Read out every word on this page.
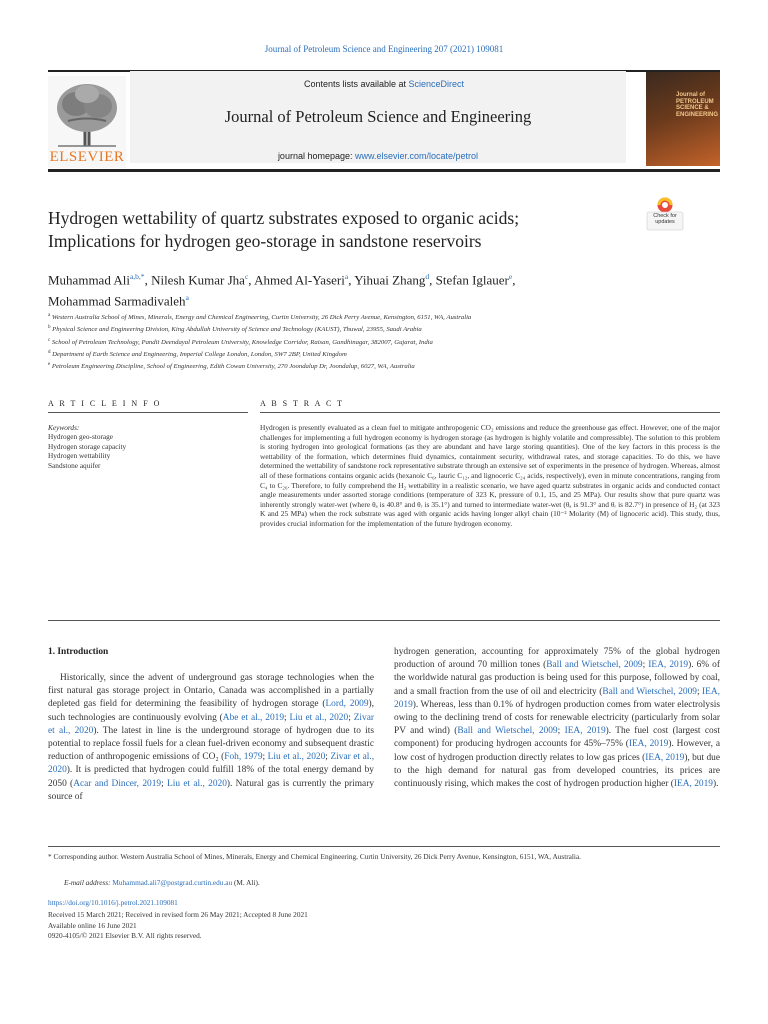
Journal of Petroleum Science and Engineering 207 (2021) 109081
Contents lists available at ScienceDirect
Journal of Petroleum Science and Engineering
journal homepage: www.elsevier.com/locate/petrol
ELSEVIER
Journal of PETROLEUM SCIENCE & ENGINEERING
Check for updates
Hydrogen wettability of quartz substrates exposed to organic acids;
Implications for hydrogen geo-storage in sandstone reservoirs
Muhammad Ali$^{a,b,*}$, Nilesh Kumar Jha$^c$, Ahmed Al-Yaseri$^a$, Yihuai Zhang$^d$, Stefan Iglauer$^e$,
Mohammad Sarmadivaleh$^a$
$^a$ Western Australia School of Mines, Minerals, Energy and Chemical Engineering, Curtin University, 26 Dick Perry Avenue, Kensington, 6151, WA, Australia
$^b$ Physical Science and Engineering Division, King Abdullah University of Science and Technology (KAUST), Thuwal, 23955, Saudi Arabia
$^c$ School of Petroleum Technology, Pandit Deendayal Petroleum University, Knowledge Corridor, Raisan, Gandhinagar, 382007, Gujarat, India
$^d$ Department of Earth Science and Engineering, Imperial College London, London, SW7 2BP, United Kingdom
$^e$ Petroleum Engineering Discipline, School of Engineering, Edith Cowan University, 270 Joondalup Dr, Joondalup, 6027, WA, Australia
A R T I C L E I N F O	A B S T R A C T
Keywords:
Hydrogen geo-storage
Hydrogen storage capacity
Hydrogen wettability
Sandstone aquifer
Hydrogen is presently evaluated as a clean fuel to mitigate anthropogenic CO₂ emissions and reduce the greenhouse gas effect. However, one of the major challenges for implementing a full hydrogen economy is hydrogen storage (as hydrogen is highly volatile and compressible). The solution to this problem is storing hydrogen into geological formations (as they are abundant and have large storing quantities). One of the key factors in this process is the wettability of the formation, which determines fluid dynamics, containment security, withdrawal rates, and storage capacities. To do this, we have determined the wettability of sandstone rock representative substrate through an extensive set of experiments in the presence of hydrogen. Whereas, almost all of these formations contains organic acids (hexanoic C₆, lauric C₁₂, and lignoceric C₂₄ acids, respectively), even in minute concentrations, ranging from C₄ to C₂₆. Therefore, to fully comprehend the H₂ wettability in a realistic scenario, we have aged quartz substrates in organic acids and conducted contact angle measurements under assorted storage conditions (temperature of 323 K, pressure of 0.1, 15, and 25 MPa). Our results show that pure quartz was inherently strongly water-wet (where θₐ is 40.8° and θᵣ is 35.1°) and turned to intermediate water-wet (θₐ is 91.3° and θᵣ is 82.7°) in presence of H₂ (at 323 K and 25 MPa) when the rock substrate was aged with organic acids having longer alkyl chain (10⁻² Molarity (M) of lignoceric acid). This study, thus, provides crucial information for the implementation of the future hydrogen economy.
1. Introduction
Historically, since the advent of underground gas storage technologies when the first natural gas storage project in Ontario, Canada was accomplished in a partially depleted gas field for determining the feasibility of hydrogen storage (Lord, 2009), such technologies are continuously evolving (Abe et al., 2019; Liu et al., 2020; Zivar et al., 2020). The latest in line is the underground storage of hydrogen due to its potential to replace fossil fuels for a clean fuel-driven economy and subsequent drastic reduction of anthropogenic emissions of CO₂ (Foh, 1979; Liu et al., 2020; Zivar et al., 2020). It is predicted that hydrogen could fulfill 18% of the total energy demand by 2050 (Acar and Dincer, 2019; Liu et al., 2020). Natural gas is currently the primary source of
hydrogen generation, accounting for approximately 75% of the global hydrogen production of around 70 million tones (Ball and Wietschel, 2009; IEA, 2019). 6% of the worldwide natural gas production is being used for this purpose, followed by coal, and a small fraction from the use of oil and electricity (Ball and Wietschel, 2009; IEA, 2019). Whereas, less than 0.1% of hydrogen production comes from water electrolysis owing to the declining trend of costs for renewable electricity (particularly from solar PV and wind) (Ball and Wietschel, 2009; IEA, 2019). The fuel cost (largest cost component) for producing hydrogen accounts for 45%–75% (IEA, 2019). However, a low cost of hydrogen production directly relates to low gas prices (IEA, 2019), but due to the high demand for natural gas from developed countries, its prices are continuously rising, which makes the cost of hydrogen production higher (IEA, 2019).
* Corresponding author. Western Australia School of Mines, Minerals, Energy and Chemical Engineering, Curtin University, 26 Dick Perry Avenue, Kensington, 6151, WA, Australia.
E-mail address: Muhammad.ali7@postgrad.curtin.edu.au (M. Ali).
https://doi.org/10.1016/j.petrol.2021.109081
Received 15 March 2021; Received in revised form 26 May 2021; Accepted 8 June 2021
Available online 16 June 2021
0920-4105/© 2021 Elsevier B.V. All rights reserved.
